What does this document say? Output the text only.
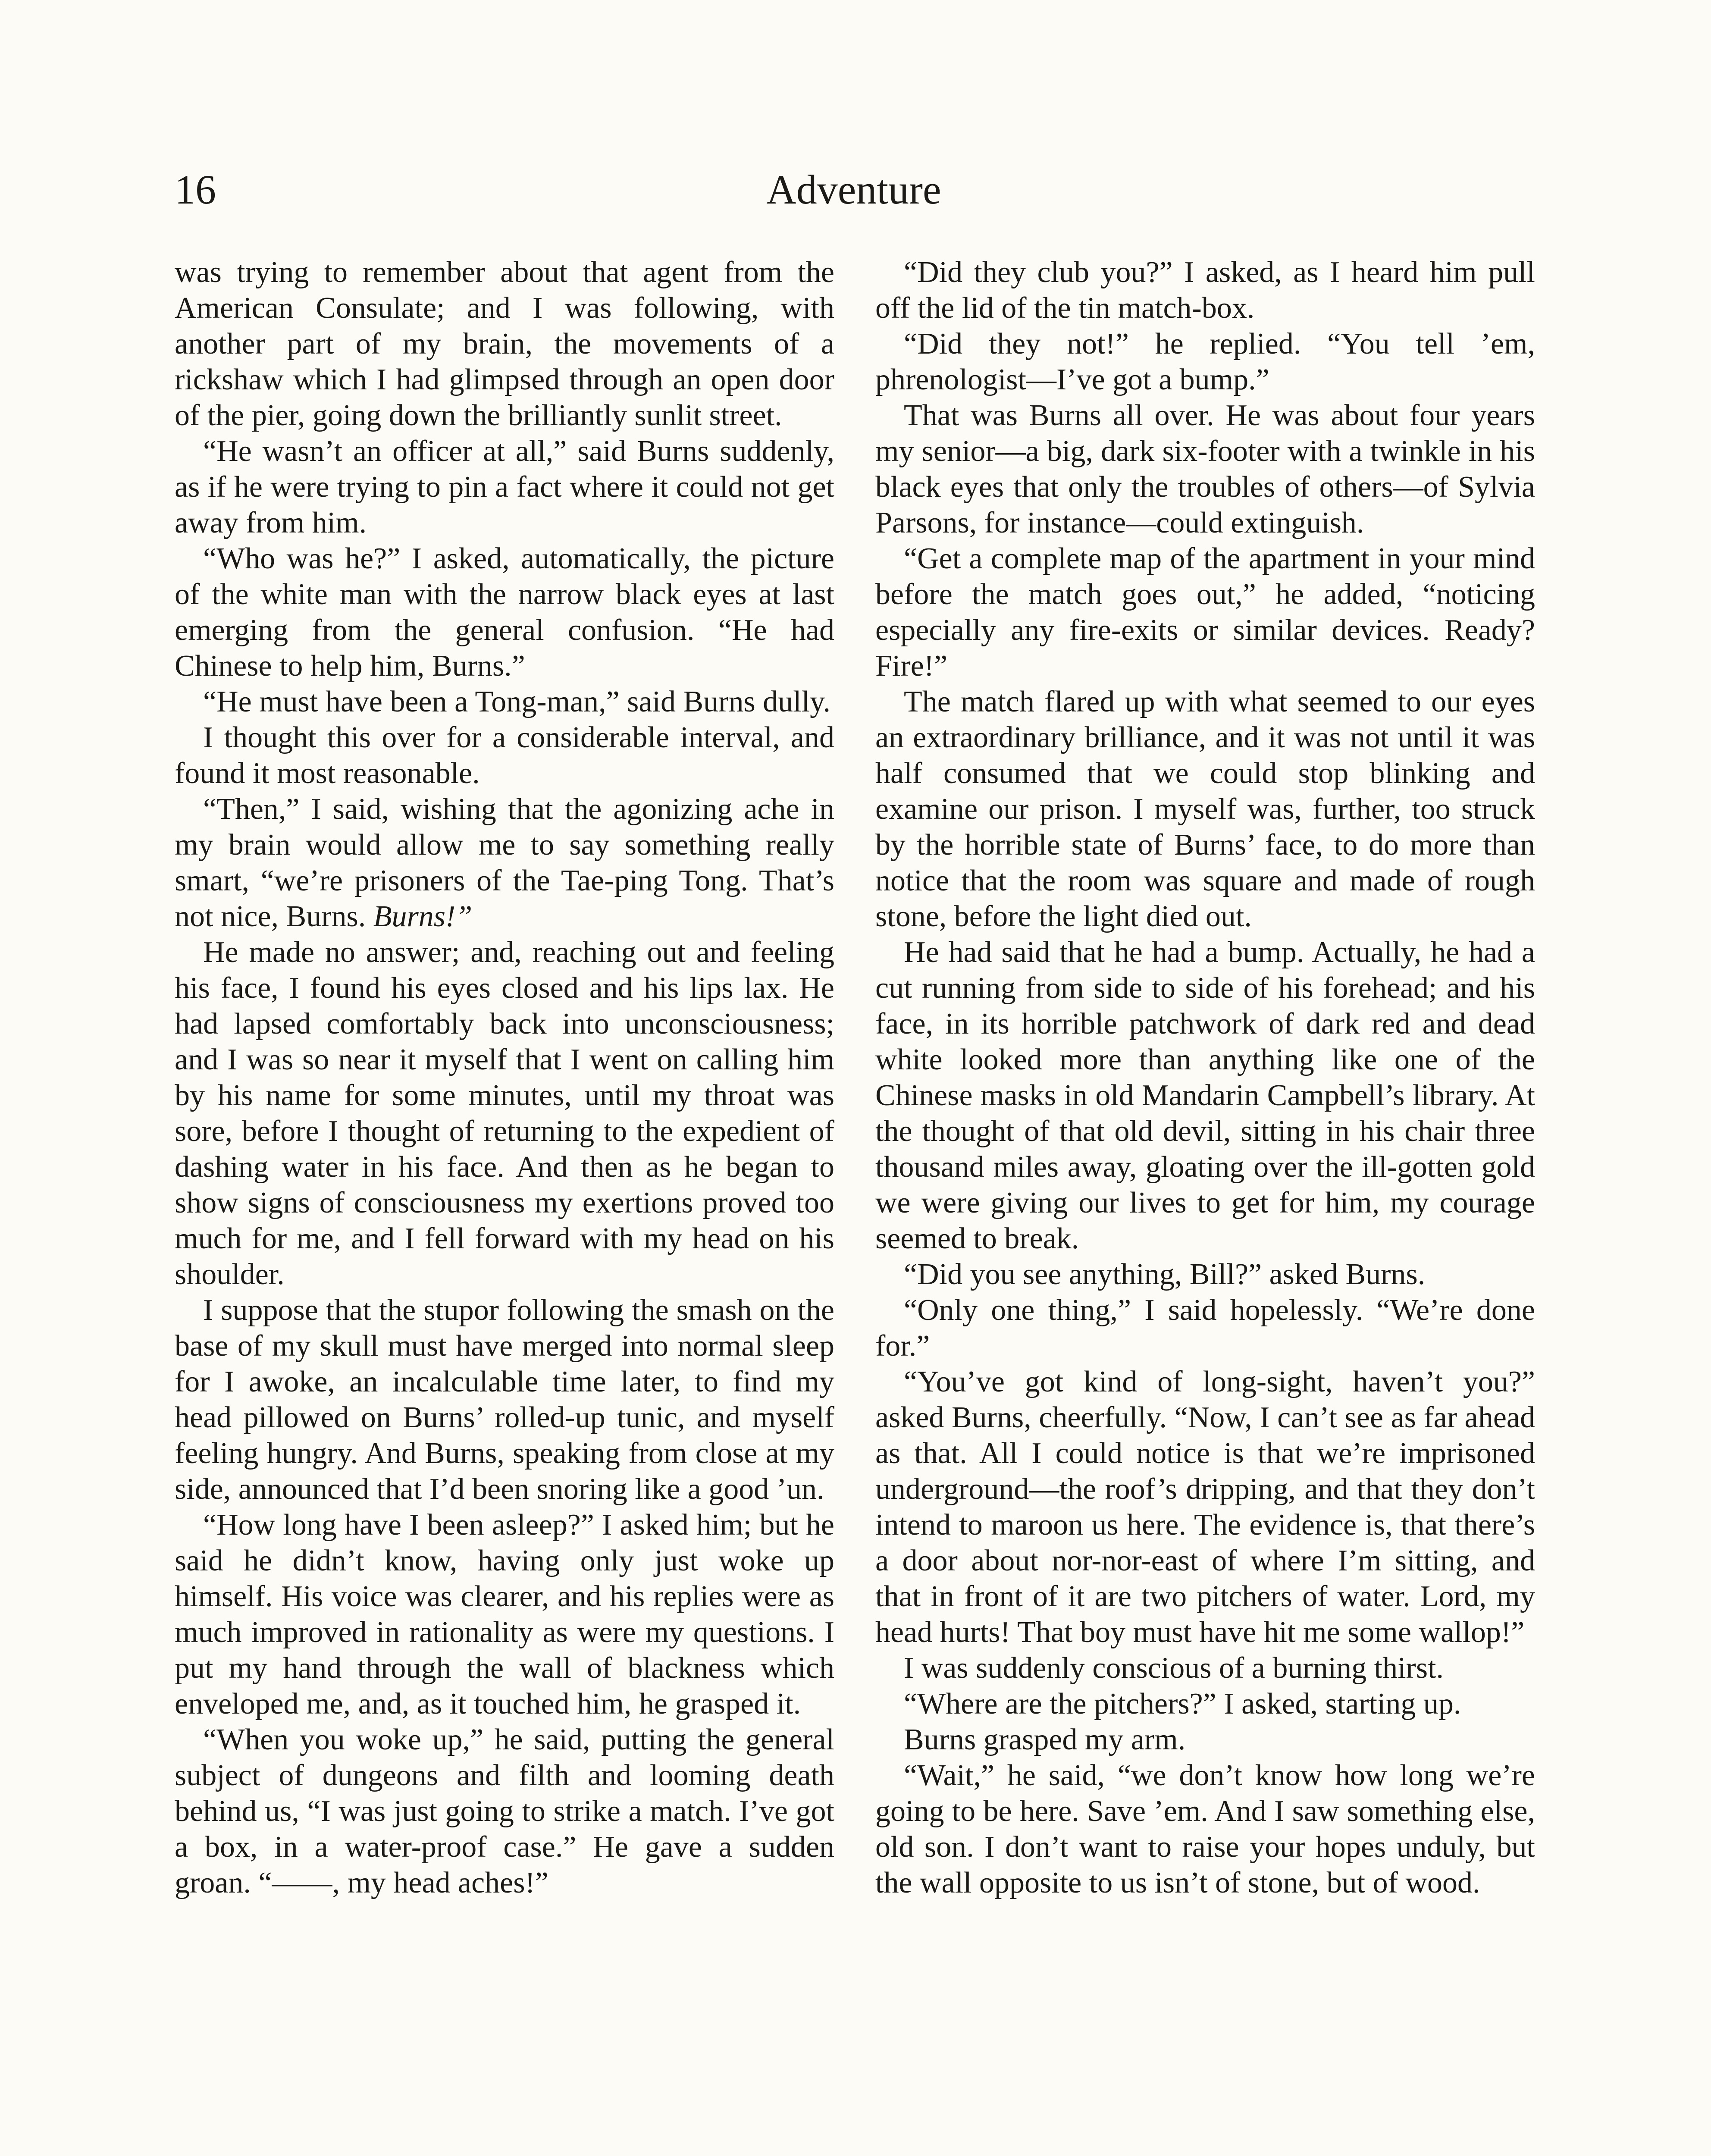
16	Adventure

was trying to remember about that agent from the American Consulate; and I was following, with another part of my brain, the movements of a rickshaw which I had glimpsed through an open door of the pier, going down the brilliantly sunlit street.

“He wasn’t an officer at all,” said Burns suddenly, as if he were trying to pin a fact where it could not get away from him.

“Who was he?” I asked, automatically, the picture of the white man with the narrow black eyes at last emerging from the general confusion. “He had Chinese to help him, Burns.”

“He must have been a Tong-man,” said Burns dully.

I thought this over for a considerable interval, and found it most reasonable.

“Then,” I said, wishing that the agonizing ache in my brain would allow me to say something really smart, “we’re prisoners of the Tae-ping Tong. That’s not nice, Burns. Burns!”

He made no answer; and, reaching out and feeling his face, I found his eyes closed and his lips lax. He had lapsed comfortably back into unconsciousness; and I was so near it myself that I went on calling him by his name for some minutes, until my throat was sore, before I thought of returning to the expedient of dashing water in his face. And then as he began to show signs of consciousness my exertions proved too much for me, and I fell forward with my head on his shoulder.

I suppose that the stupor following the smash on the base of my skull must have merged into normal sleep for I awoke, an incalculable time later, to find my head pillowed on Burns’ rolled-up tunic, and myself feeling hungry. And Burns, speaking from close at my side, announced that I’d been snoring like a good ’un.

“How long have I been asleep?” I asked him; but he said he didn’t know, having only just woke up himself. His voice was clearer, and his replies were as much improved in rationality as were my questions. I put my hand through the wall of blackness which enveloped me, and, as it touched him, he grasped it.

“When you woke up,” he said, putting the general subject of dungeons and filth and looming death behind us, “I was just going to strike a match. I’ve got a box, in a water-proof case.” He gave a sudden groan. “——, my head aches!”

“Did they club you?” I asked, as I heard him pull off the lid of the tin match-box.

“Did they not!” he replied. “You tell ’em, phrenologist—I’ve got a bump.”

That was Burns all over. He was about four years my senior—a big, dark six-footer with a twinkle in his black eyes that only the troubles of others—of Sylvia Parsons, for instance—could extinguish.

“Get a complete map of the apartment in your mind before the match goes out,” he added, “noticing especially any fire-exits or similar devices. Ready? Fire!”

The match flared up with what seemed to our eyes an extraordinary brilliance, and it was not until it was half consumed that we could stop blinking and examine our prison. I myself was, further, too struck by the horrible state of Burns’ face, to do more than notice that the room was square and made of rough stone, before the light died out.

He had said that he had a bump. Actually, he had a cut running from side to side of his forehead; and his face, in its horrible patchwork of dark red and dead white looked more than anything like one of the Chinese masks in old Mandarin Campbell’s library. At the thought of that old devil, sitting in his chair three thousand miles away, gloating over the ill-gotten gold we were giving our lives to get for him, my courage seemed to break.

“Did you see anything, Bill?” asked Burns.

“Only one thing,” I said hopelessly. “We’re done for.”

“You’ve got kind of long-sight, haven’t you?” asked Burns, cheerfully. “Now, I can’t see as far ahead as that. All I could notice is that we’re imprisoned underground—the roof’s dripping, and that they don’t intend to maroon us here. The evidence is, that there’s a door about nor-nor-east of where I’m sitting, and that in front of it are two pitchers of water. Lord, my head hurts! That boy must have hit me some wallop!”

I was suddenly conscious of a burning thirst.

“Where are the pitchers?” I asked, starting up.

Burns grasped my arm.

“Wait,” he said, “we don’t know how long we’re going to be here. Save ’em. And I saw something else, old son. I don’t want to raise your hopes unduly, but the wall opposite to us isn’t of stone, but of wood.
